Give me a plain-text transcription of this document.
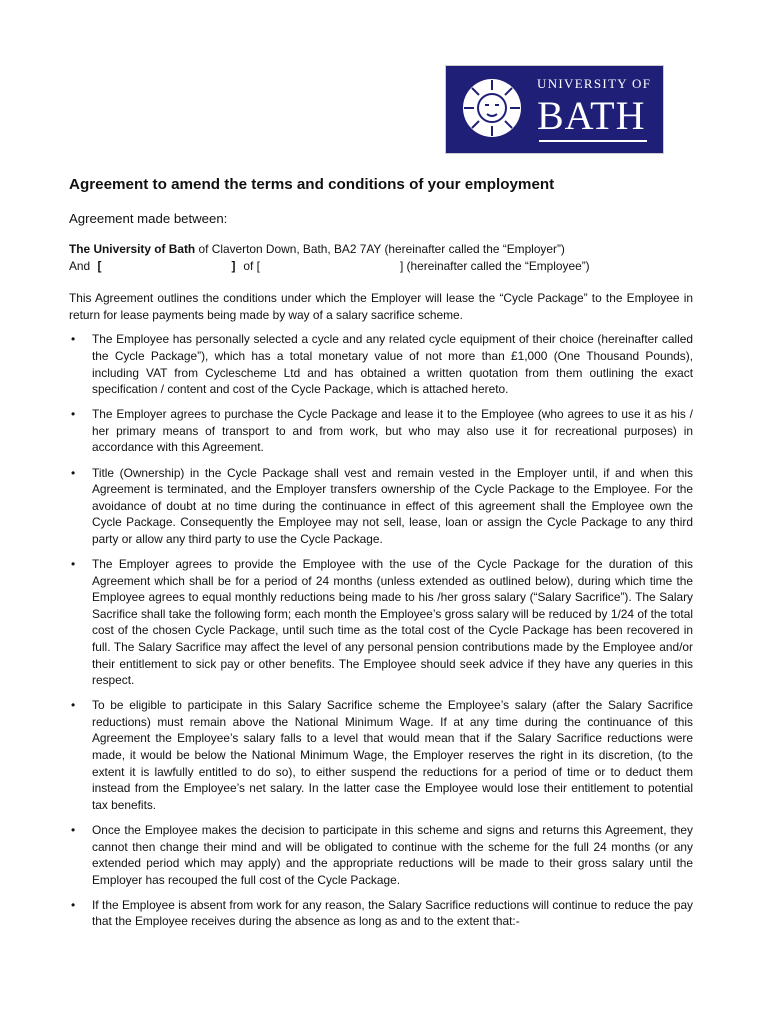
UNIVERSITY OF
BATH
Agreement to amend the terms and conditions of your employment
Agreement made between:
The University of Bath of Claverton Down, Bath, BA2 7AY (hereinafter called the “Employer”)
And [	] of [	] (hereinafter called the “Employee”)
This Agreement outlines the conditions under which the Employer will lease the “Cycle Package” to the Employee in return for lease payments being made by way of a salary sacrifice scheme.
• The Employee has personally selected a cycle and any related cycle equipment of their choice (hereinafter called the Cycle Package”), which has a total monetary value of not more than £1,000 (One Thousand Pounds), including VAT from Cyclescheme Ltd and has obtained a written quotation from them outlining the exact specification / content and cost of the Cycle Package, which is attached hereto.
• The Employer agrees to purchase the Cycle Package and lease it to the Employee (who agrees to use it as his / her primary means of transport to and from work, but who may also use it for recreational purposes) in accordance with this Agreement.
• Title (Ownership) in the Cycle Package shall vest and remain vested in the Employer until, if and when this Agreement is terminated, and the Employer transfers ownership of the Cycle Package to the Employee. For the avoidance of doubt at no time during the continuance in effect of this agreement shall the Employee own the Cycle Package. Consequently the Employee may not sell, lease, loan or assign the Cycle Package to any third party or allow any third party to use the Cycle Package.
• The Employer agrees to provide the Employee with the use of the Cycle Package for the duration of this Agreement which shall be for a period of 24 months (unless extended as outlined below), during which time the Employee agrees to equal monthly reductions being made to his /her gross salary (“Salary Sacrifice”). The Salary Sacrifice shall take the following form; each month the Employee’s gross salary will be reduced by 1/24 of the total cost of the chosen Cycle Package, until such time as the total cost of the Cycle Package has been recovered in full. The Salary Sacrifice may affect the level of any personal pension contributions made by the Employee and/or their entitlement to sick pay or other benefits. The Employee should seek advice if they have any queries in this respect.
• To be eligible to participate in this Salary Sacrifice scheme the Employee’s salary (after the Salary Sacrifice reductions) must remain above the National Minimum Wage. If at any time during the continuance of this Agreement the Employee’s salary falls to a level that would mean that if the Salary Sacrifice reductions were made, it would be below the National Minimum Wage, the Employer reserves the right in its discretion, (to the extent it is lawfully entitled to do so), to either suspend the reductions for a period of time or to deduct them instead from the Employee’s net salary. In the latter case the Employee would lose their entitlement to potential tax benefits.
• Once the Employee makes the decision to participate in this scheme and signs and returns this Agreement, they cannot then change their mind and will be obligated to continue with the scheme for the full 24 months (or any extended period which may apply) and the appropriate reductions will be made to their gross salary until the Employer has recouped the full cost of the Cycle Package.
• If the Employee is absent from work for any reason, the Salary Sacrifice reductions will continue to reduce the pay that the Employee receives during the absence as long as and to the extent that:-
